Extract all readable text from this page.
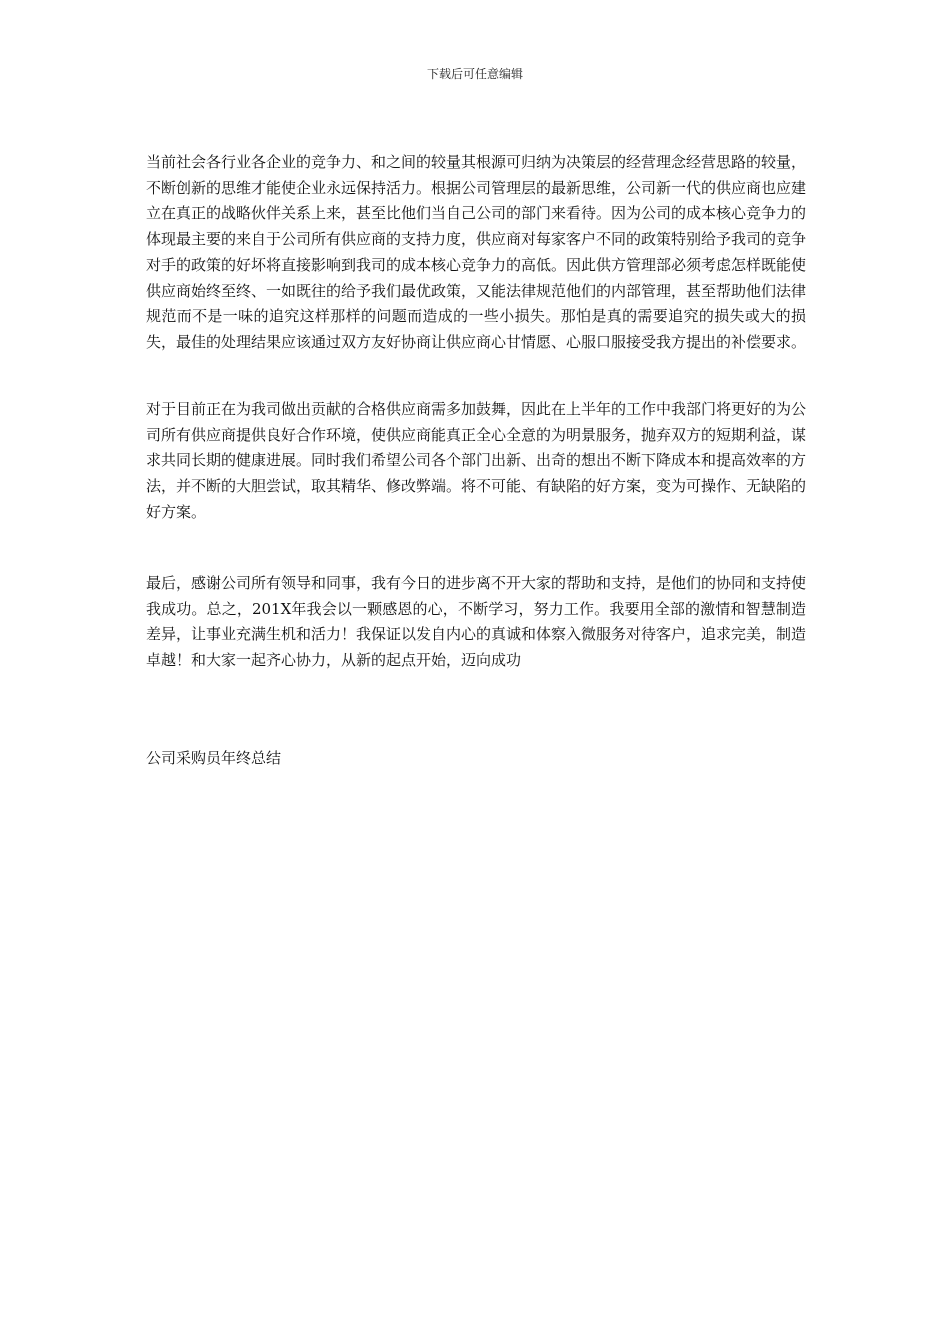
下载后可任意编辑

当前社会各行业各企业的竞争力、和之间的较量其根源可归纳为决策层的经营理念经营思路的较量，不断创新的思维才能使企业永远保持活力。根据公司管理层的最新思维，公司新一代的供应商也应建立在真正的战略伙伴关系上来，甚至比他们当自己公司的部门来看待。因为公司的成本核心竞争力的体现最主要的来自于公司所有供应商的支持力度，供应商对每家客户不同的政策特别给予我司的竞争对手的政策的好坏将直接影响到我司的成本核心竞争力的高低。因此供方管理部必须考虑怎样既能使供应商始终至终、一如既往的给予我们最优政策，又能法律规范他们的内部管理，甚至帮助他们法律规范而不是一味的追究这样那样的问题而造成的一些小损失。那怕是真的需要追究的损失或大的损失，最佳的处理结果应该通过双方友好协商让供应商心甘情愿、心服口服接受我方提出的补偿要求。

对于目前正在为我司做出贡献的合格供应商需多加鼓舞，因此在上半年的工作中我部门将更好的为公司所有供应商提供良好合作环境，使供应商能真正全心全意的为明景服务，抛弃双方的短期利益，谋求共同长期的健康进展。同时我们希望公司各个部门出新、出奇的想出不断下降成本和提高效率的方法，并不断的大胆尝试，取其精华、修改弊端。将不可能、有缺陷的好方案，变为可操作、无缺陷的好方案。

最后，感谢公司所有领导和同事，我有今日的进步离不开大家的帮助和支持，是他们的协同和支持使我成功。总之，201X年我会以一颗感恩的心，不断学习，努力工作。我要用全部的激情和智慧制造差异，让事业充满生机和活力！我保证以发自内心的真诚和体察入微服务对待客户，追求完美，制造卓越！和大家一起齐心协力，从新的起点开始，迈向成功

公司采购员年终总结
